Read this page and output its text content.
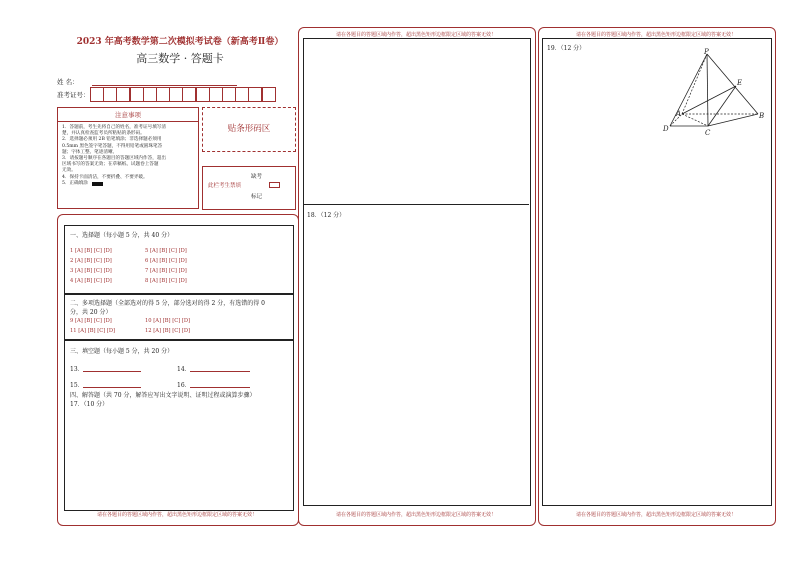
2023 年高考数学第二次模拟考试卷（新高考Ⅱ卷）
高三数学 · 答题卡
姓 名：
准考证号：
注意事项
1．答题前，考生先将自己的姓名，准考证号填写清
楚，并认真检查监考员所粘贴的条形码。
2．选择题必须用 2B 铅笔填涂；非选择题必须用
0.5mm 黑色签字笔答题，不得用铅笔或圆珠笔答
题；字体工整、笔迹清晰。
3．请按题号顺序在各题目的答题区域内作答，超出
区域书写的答案无效；在草稿纸、试题卷上答题
无效。
4．保持卡面清洁，不要折叠、不要弄破。
5．正确填涂
贴条形码区
缺考
此栏考生禁填
标记
请在各题目的答题区域内作答，超出黑色矩形边框限定区域的答案无效！
一、选择题（每小题 5 分，共 40 分）
1 [A] [B] [C] [D]	5 [A] [B] [C] [D]
2 [A] [B] [C] [D]	6 [A] [B] [C] [D]
3 [A] [B] [C] [D]	7 [A] [B] [C] [D]
4 [A] [B] [C] [D]	8 [A] [B] [C] [D]
二、多项选择题（全部选对的得 5 分，部分选对的得 2 分，有选错的得 0
分，共 20 分）
9 [A] [B] [C] [D]	10 [A] [B] [C] [D]
11 [A] [B] [C] [D]	12 [A] [B] [C] [D]
三、填空题（每小题 5 分，共 20 分）
13．	14．
15．	16．
四、解答题（共 70 分，解答应写出文字说明、证明过程或演算步骤）
17．（10 分）
请在各题目的答题区域内作答，超出黑色矩形边框限定区域的答案无效！
请在各题目的答题区域内作答，超出黑色矩形边框限定区域的答案无效！
18．（12 分）
请在各题目的答题区域内作答，超出黑色矩形边框限定区域的答案无效！
请在各题目的答题区域内作答，超出黑色矩形边框限定区域的答案无效！
19．（12 分）	P
E
A	B
C
D
